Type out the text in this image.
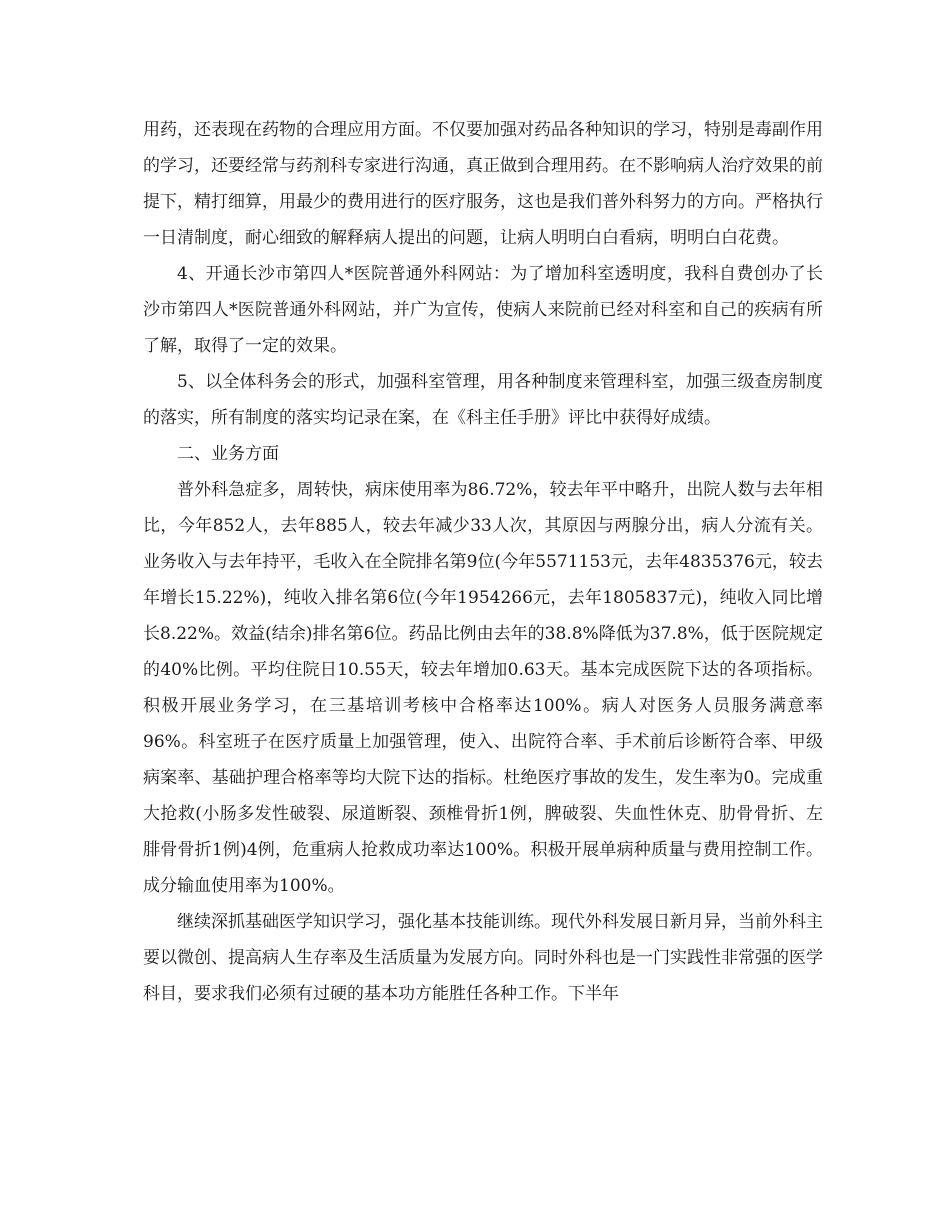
用药，还表现在药物的合理应用方面。不仅要加强对药品各种知识的学习，特别是毒副作用的学习，还要经常与药剂科专家进行沟通，真正做到合理用药。在不影响病人治疗效果的前提下，精打细算，用最少的费用进行的医疗服务，这也是我们普外科努力的方向。严格执行一日清制度，耐心细致的解释病人提出的问题，让病人明明白白看病，明明白白花费。

4、开通长沙市第四人*医院普通外科网站：为了增加科室透明度，我科自费创办了长沙市第四人*医院普通外科网站，并广为宣传，使病人来院前已经对科室和自己的疾病有所了解，取得了一定的效果。

5、以全体科务会的形式，加强科室管理，用各种制度来管理科室，加强三级查房制度的落实，所有制度的落实均记录在案，在《科主任手册》评比中获得好成绩。

二、业务方面

普外科急症多，周转快，病床使用率为86.72%，较去年平中略升，出院人数与去年相比，今年852人，去年885人，较去年减少33人次，其原因与两腺分出，病人分流有关。业务收入与去年持平，毛收入在全院排名第9位(今年5571153元，去年4835376元，较去年增长15.22%)，纯收入排名第6位(今年1954266元，去年1805837元)，纯收入同比增长8.22%。效益(结余)排名第6位。药品比例由去年的38.8%降低为37.8%，低于医院规定的40%比例。平均住院日10.55天，较去年增加0.63天。基本完成医院下达的各项指标。积极开展业务学习，在三基培训考核中合格率达100%。病人对医务人员服务满意率96%。科室班子在医疗质量上加强管理，使入、出院符合率、手术前后诊断符合率、甲级病案率、基础护理合格率等均大院下达的指标。杜绝医疗事故的发生，发生率为0。完成重大抢救(小肠多发性破裂、尿道断裂、颈椎骨折1例，脾破裂、失血性休克、肋骨骨折、左腓骨骨折1例)4例，危重病人抢救成功率达100%。积极开展单病种质量与费用控制工作。成分输血使用率为100%。

继续深抓基础医学知识学习，强化基本技能训练。现代外科发展日新月异，当前外科主要以微创、提高病人生存率及生活质量为发展方向。同时外科也是一门实践性非常强的医学科目，要求我们必须有过硬的基本功方能胜任各种工作。下半年
